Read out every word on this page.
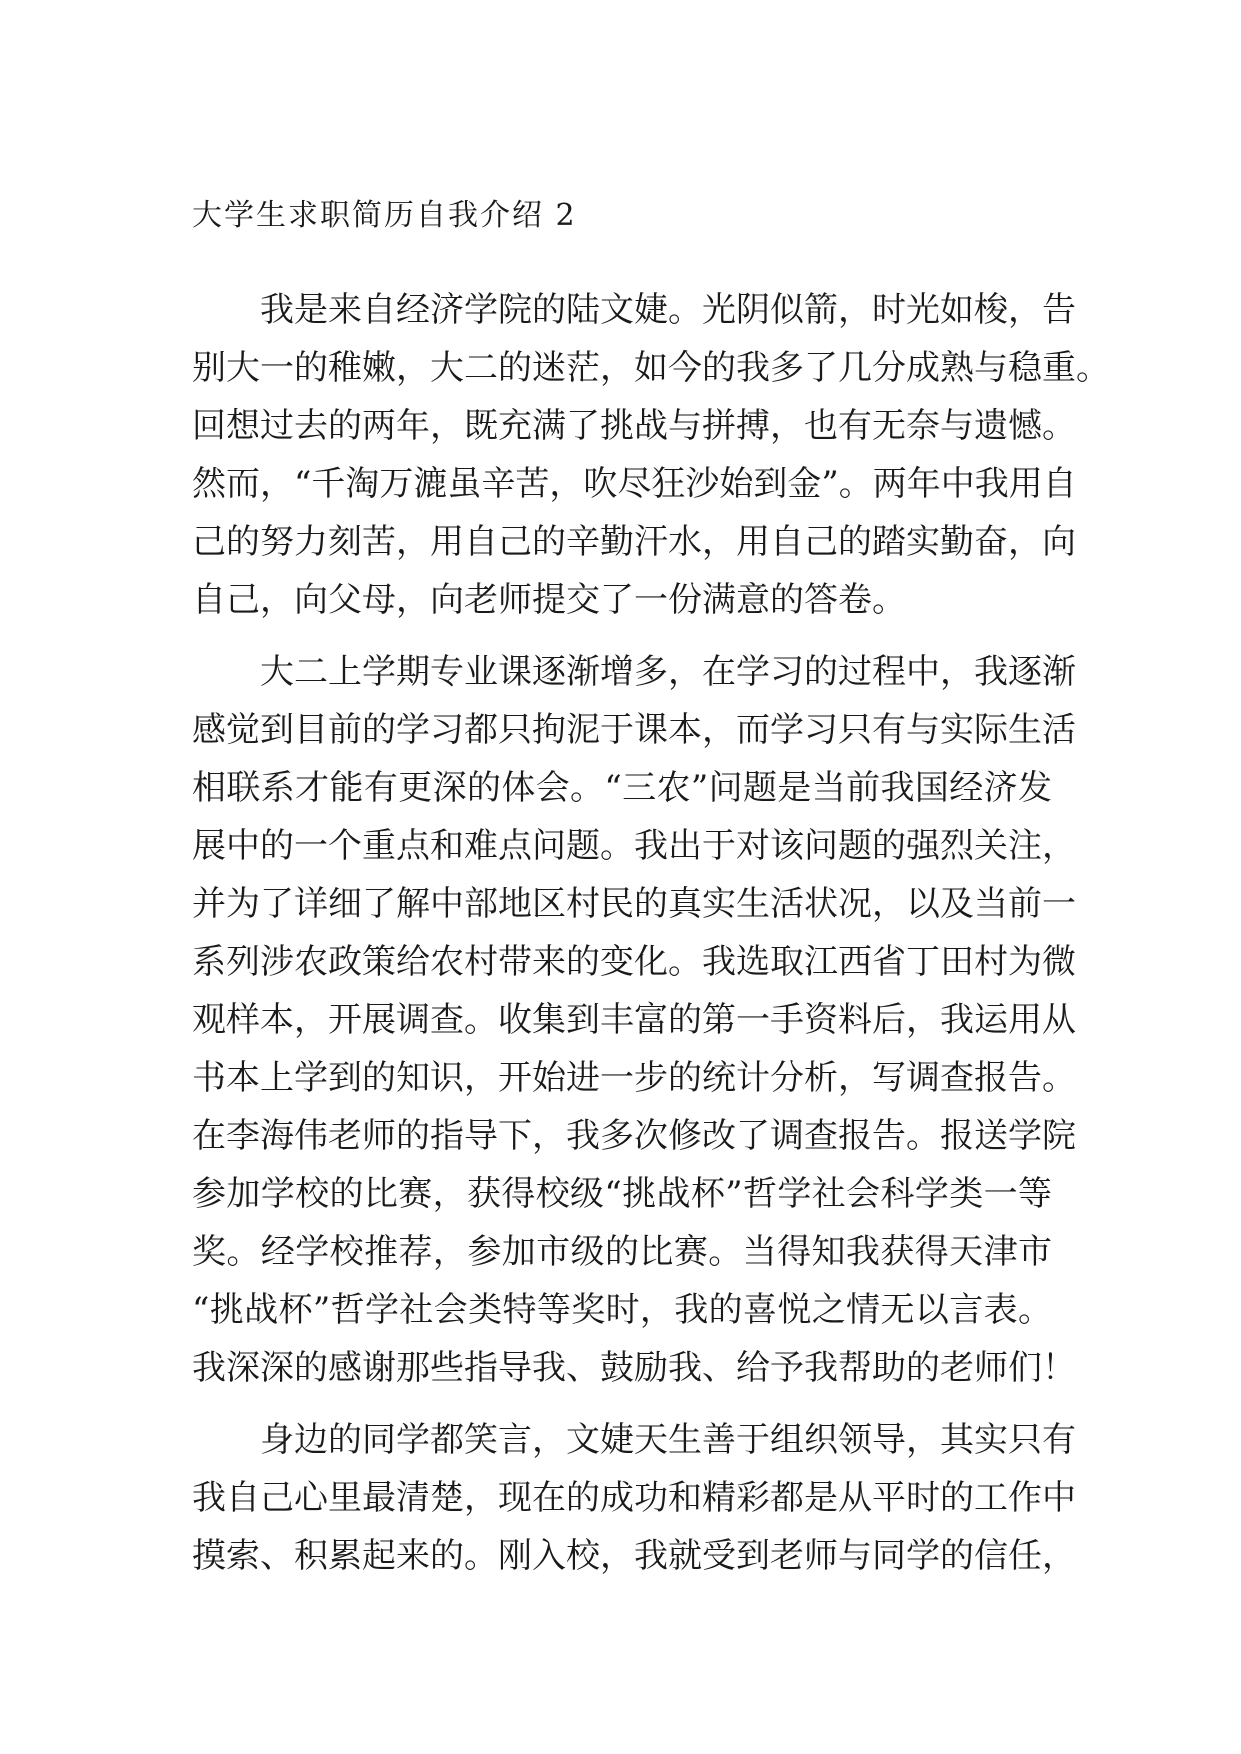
大学生求职简历自我介绍 2
我是来自经济学院的陆文婕。光阴似箭，时光如梭，告
别大一的稚嫩，大二的迷茫，如今的我多了几分成熟与稳重。
回想过去的两年，既充满了挑战与拼搏，也有无奈与遗憾。
然而，“千淘万漉虽辛苦，吹尽狂沙始到金”。两年中我用自
己的努力刻苦，用自己的辛勤汗水，用自己的踏实勤奋，向
自己，向父母，向老师提交了一份满意的答卷。
大二上学期专业课逐渐增多，在学习的过程中，我逐渐
感觉到目前的学习都只拘泥于课本，而学习只有与实际生活
相联系才能有更深的体会。“三农”问题是当前我国经济发
展中的一个重点和难点问题。我出于对该问题的强烈关注，
并为了详细了解中部地区村民的真实生活状况，以及当前一
系列涉农政策给农村带来的变化。我选取江西省丁田村为微
观样本，开展调查。收集到丰富的第一手资料后，我运用从
书本上学到的知识，开始进一步的统计分析，写调查报告。
在李海伟老师的指导下，我多次修改了调查报告。报送学院
参加学校的比赛，获得校级“挑战杯”哲学社会科学类一等
奖。经学校推荐，参加市级的比赛。当得知我获得天津市
“挑战杯”哲学社会类特等奖时，我的喜悦之情无以言表。
我深深的感谢那些指导我、鼓励我、给予我帮助的老师们！
身边的同学都笑言，文婕天生善于组织领导，其实只有
我自己心里最清楚，现在的成功和精彩都是从平时的工作中
摸索、积累起来的。刚入校，我就受到老师与同学的信任，
